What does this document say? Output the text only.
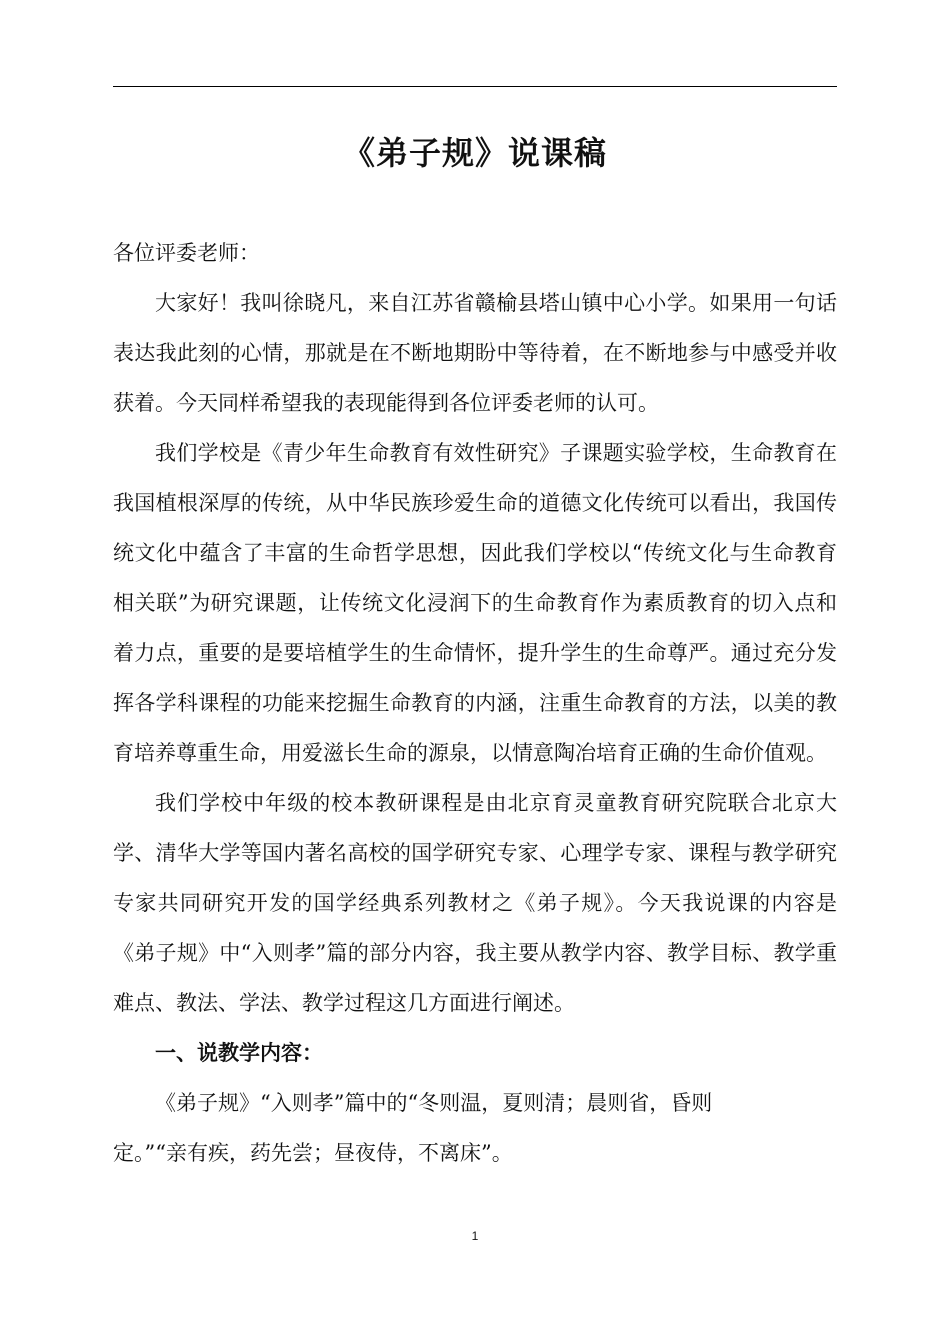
《弟子规》说课稿

各位评委老师：

大家好！我叫徐晓凡，来自江苏省赣榆县塔山镇中心小学。如果用一句话表达我此刻的心情，那就是在不断地期盼中等待着，在不断地参与中感受并收获着。今天同样希望我的表现能得到各位评委老师的认可。

我们学校是《青少年生命教育有效性研究》子课题实验学校，生命教育在我国植根深厚的传统，从中华民族珍爱生命的道德文化传统可以看出，我国传统文化中蕴含了丰富的生命哲学思想，因此我们学校以“传统文化与生命教育相关联”为研究课题，让传统文化浸润下的生命教育作为素质教育的切入点和着力点，重要的是要培植学生的生命情怀，提升学生的生命尊严。通过充分发挥各学科课程的功能来挖掘生命教育的内涵，注重生命教育的方法，以美的教育培养尊重生命，用爱滋长生命的源泉，以情意陶冶培育正确的生命价值观。

我们学校中年级的校本教研课程是由北京育灵童教育研究院联合北京大学、清华大学等国内著名高校的国学研究专家、心理学专家、课程与教学研究专家共同研究开发的国学经典系列教材之《弟子规》。今天我说课的内容是《弟子规》中“入则孝”篇的部分内容，我主要从教学内容、教学目标、教学重难点、教法、学法、教学过程这几方面进行阐述。

一、说教学内容：

《弟子规》“入则孝”篇中的“冬则温，夏则清；晨则省，昏则

定。”“亲有疾，药先尝；昼夜侍，不离床”。

1
